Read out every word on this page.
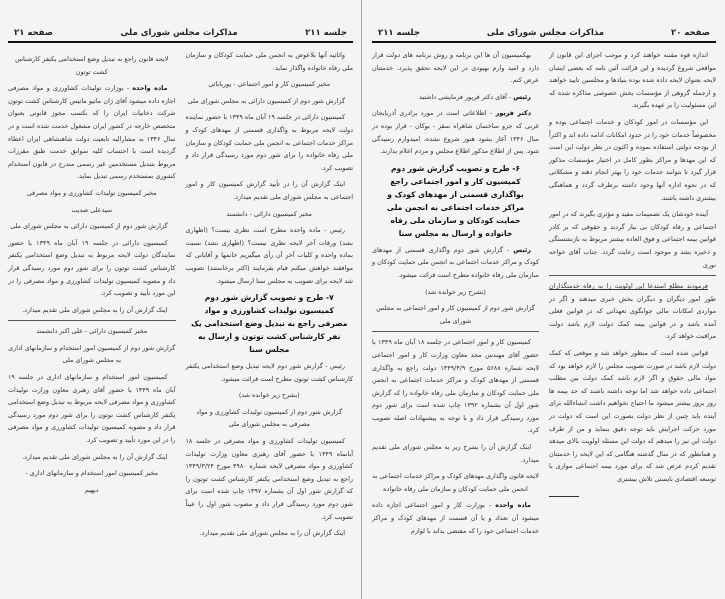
جلسه ۲۱۱
مذاکرات مجلس شورای ملی
صفحه ۲۱

واثاثیه آنها بلاعوض به انجمن ملی حمایت کودکان و سازمان ملی رفاه خانواده واگذار نماید.

مخبر کمیسیون کار و امور اجتماعی - پوربابائی

گزارش شور دوم از کمیسیون دارائی به مجلس شورای ملی

کمیسیون دارائی در جلسه ۱۹ آبان ماه ۱۳۴۹ با حضور نماینده دولت لایحه مربوط به واگذاری قسمتی از مهدهای کودک و مراکز خدمات اجتماعی به انجمن ملی حمایت کودکان و سازمان ملی رفاه خانواده را برای شور دوم مورد رسیدگی قرار داد و تصویب کرد.

اینک گزارش آن را در تأیید گزارش کمیسیون کار و امور اجتماعی به مجلس شورای ملی تقدیم میدارد.

مخبر کمیسیون دارائی - دانشمند

رئیس - ماده واحده مطرح است نظری نیست؟ (اظهاری نشد) ورقات آخر لایحه نظری نیست؟ (اظهاری نشد) نسبت بماده واحده و کلیات آخر آن رأی میگیریم خانمها و آقایانی که موافقند خواهش میکنم قیام بفرمایند (اکثر برخاستند) تصویب شد لایحه برای تصویب به مجلس سنا ارسال میشود.

۷- طرح و تصویب گزارش شور دوم کمیسیون تولیدات کشاورزی و مواد مصرفی راجع به تبدیل وضع استخدامی یک نفر کارشناس کشت توتون و ارسال به مجلس سنا

رئیس - گزارش شور دوم لایحه تبدیل وضع استخدامی یکنفر کارشناس کشت توتون مطرح است قرائت میشود.

(بشرح زیر خوانده شد)

گزارش شور دوم از کمیسیون تولیدات کشاورزی و مواد مصرفی به مجلس شورای ملی

کمیسیون تولیدات کشاورزی و مواد مصرفی در جلسه ۱۸ آبانماه ۱۳۴۹ با حضور آقای رهبری معاون وزارت تولیدات کشاورزی و مواد مصرفی لایحه شماره ۴۹۸۰ مورخ ۱۳۴۹/۳/۲۴ راجع به تبدیل وضع استخدامی یکنفر کارشناس کشت توتون را که گزارش شور اول آن بشماره ۱۳۹۷ چاپ شده است برای شور دوم مورد رسیدگی قرار داد و مصوب شور اول را عیناً تصویب کرد.

اینک گزارش آن را به مجلس شورای ملی تقدیم میدارد.

لایحه قانون راجع به تبدیل وضع استخدامی یکنفر کارشناس کشت توتون

ماده واحده - بوزارت تولیدات کشاورزی و مواد مصرفی اجازه داده میشود آقای ژان ماتیو ماتیس کارشناس کشت توتون شرکت دخانیات ایران را که بکسب مجوز قانونی بعنوان متخصص خارجه در کشور ایران مشغول خدمت شده است و در سال ۱۳۴۶ به مشارالیه تابعیت دولت شاهنشاهی ایران اعطاء گردیده است با احتساب کلیه سوابق خدمت طبق مقررات مربوط بتبدیل مستخدمین غیر رسمی مندرج در قانون استخدام کشوری بمستخدم رسمی تبدیل نماید.

مخبر کمیسیون تولیدات کشاورزی و مواد مصرفی

سیدعلی صدیب

گزارش شور دوم از کمیسیون دارائی به مجلس شورای ملی

کمیسیون دارائی در جلسه ۱۹ آبان ماه ۱۳۴۹ با حضور نمایندگان دولت لایحه مربوط به تبدیل وضع استخدامی یکنفر کارشناس کشت توتون را برای شور دوم مورد رسیدگی قرار داد و مصوبه کمیسیون تولیدات کشاورزی و مواد مصرفی را در این مورد تأیید و تصویب کرد.

اینک گزارش آن را به مجلس شورای ملی تقدیم میدارد.

مخبر کمیسیون دارائی - علی اکبر دانشمند

گزارش شور دوم از کمیسیون امور استخدام و سازمانهای اداری به مجلس شورای ملی

کمیسیون امور استخدام و سازمانهای اداری در جلسه ۱۹ آبان ماه ۱۳۴۹ با حضور آقای رهبری معاون وزارت تولیدات کشاورزی و مواد مصرفی لایحه مربوط به تبدیل وضع استخدامی یکنفر کارشناس کشت توتون را برای شور دوم مورد رسیدگی قرار داد و مصوبه کمیسیون تولیدات کشاورزی و مواد مصرفی را در این مورد تأیید و تصویب کرد.

اینک گزارش آن را به مجلس شورای ملی تقدیم میدارد.

مخبر کمیسیون امور استخدام و سازمانهای اداری -

دیهیم

صفحه ۲۰
مذاکرات مجلس شورای ملی
جلسه ۲۱۱

اندازه قوه مقننه خواهند کرد و موجب اجرای این قانون از مواقعی شروع گردیده و این قرائت آئین نامه که بعضی ایشان لایحه بعنوان لایحه داده شده بوده بنیادها و مجلسین تایید خواهند و ازجمله گروهی از مؤسسات بخش خصوصی مذاکره شده که این مسئولیت را بر عهده بگیرند.

این مؤسسات در امور کودکان و خدمات اجتماعی بوده و مخصوصاً خدمات خود را در حدود امکانات ادامه داده اند و اکثراً از بودجه دولتی استفاده نموده و اکنون در نظر دولت این است که این مهدها و مراکز بطور کامل در اختیار مؤسسات مذکور قرار گیرد تا بتوانند خدمات خود را بهتر انجام دهند و مشکلاتی که در نحوه اداره آنها وجود داشته برطرف گردد و هماهنگی بیشتری داشته باشند.

آینده خودشان یک تصمیمات مفید و مؤثری بگیرند که در امور اجتماعی و رفاه کودکان بی نیاز گردند و حقوقی که بر کادر قوانین بیمه اجتماعی و فوق العاده بیشتر مربوط به بازنشستگی و ذخیره بشد و موجود است رعایت گردد. جناب آقای خواجه نوری

فرمودند مطلع استدعا این اولویت را به رفاه خدمتگذاران طور امور دیگران و دیگران بخش خبری میدهند و اگر در مواردی امکانات مالی جوابگوی تعهداتی که در قوانین فعلی آمده باشد و در قوانین بیمه کمک دولت لازم باشد دولت مراقبت خواهد کرد.

قوانین شده است که منظور خواهد شد و موقعی که کمک دولت لازم باشد در صورت تصویب مجلس را لازم خواهد بود که مواد مالی حقوق و اگر لازم باشد کمک دولت بین مطلب اجتماعی داده خواهد شد اما توجه داشته باشند که حد بیمه ها روز بروز بیشتر میشود ما احتیاج نخواهیم داشت انشاءالله برای آینده باید چنین از نظر دولت بصورت این است که دولت در مورد حرکت اجرایش باید توجه دقیق بنماید و من از طرف دولت این نیز را میدهم که دولت این مسئله اولویت بالای میدهد و همانطور که در سال گذشته هنگامی که این لایحه را خدمتتان تقدیم کردم عرض شد که برای مورد بیمه اجتماعی موازی با توسعه اقتصادی بایستی تلاش بیشتری

بهکمیسیون آن ها این برنامه و روش برنامه های دولت قرار دارد و امید وارم بهبودی در این لایحه تحقق پذیرد. خدمتتان عرض کنم.

رئیس - آقای دکتر فریور فرمایشی داشتید

دکتر فریور - اطلاعاتی است در مورد برادری آذربایجان غربی که جزو ساختمان شاهراه سقز - بوکان - قرار بوده در سال ۱۳۴۶ آغاز بشود هنوز شروع نشده، امیدوارم رسیدگی شود. پس از اطلاع مذکور اطلاع مجلس و مردم اعلام بدارند.

۶- طرح و تصویب گزارش شور دوم کمیسیون کار و امور اجتماعی راجع بواگذاری قسمتی از مهدهای کودک و مراکز خدمات اجتماعی به انجمن ملی حمایت کودکان و سازمان ملی رفاه خانواده و ارسال به مجلس سنا

رئیس - گزارش شور دوم واگذاری قسمتی از مهدهای کودک و مراکز خدمات اجتماعی به انجمن ملی حمایت کودکان و سازمان ملی رفاه خانواده مطرح است قرائت میشود.

(بشرح زیر خوانده شد)

گزارش شور دوم از کمیسیون کار و امور اجتماعی به مجلس شورای ملی

کمیسیون کار و امور اجتماعی در جلسه ۱۸ آبان ماه ۱۳۴۹ با حضور آقای مهندس مجد معاون وزارت کار و امور اجتماعی لایحه شماره ۵۶۸۸ مورخ ۱۳۴۹/۴/۹ دولت راجع به واگذاری قسمتی از مهدهای کودک و مراکز خدمات اجتماعی به انجمن ملی حمایت کودکان و سازمان ملی رفاه خانواده را که گزارش شور اول آن بشماره ۱۳۹۲ چاپ شده است برای شور دوم مورد رسیدگی قرار داد و با توجه به پیشنهادات اصله تصویب کرد.

اینک گزارش آن را بشرح زیر به مجلس شورای ملی تقدیم میدارد.

لایحه قانون واگذاری مهدهای کودک و مراکز خدمات اجتماعی به انجمن ملی حمایت کودکان و سازمان ملی رفاه خانواده

ماده واحده - بوزارت کار و امور اجتماعی اجازه داده میشود آن تعداد و یا آن قسمت از مهدهای کودک و مراکز خدمات اجتماعی خود را که مقتضی بداند با لوازم
